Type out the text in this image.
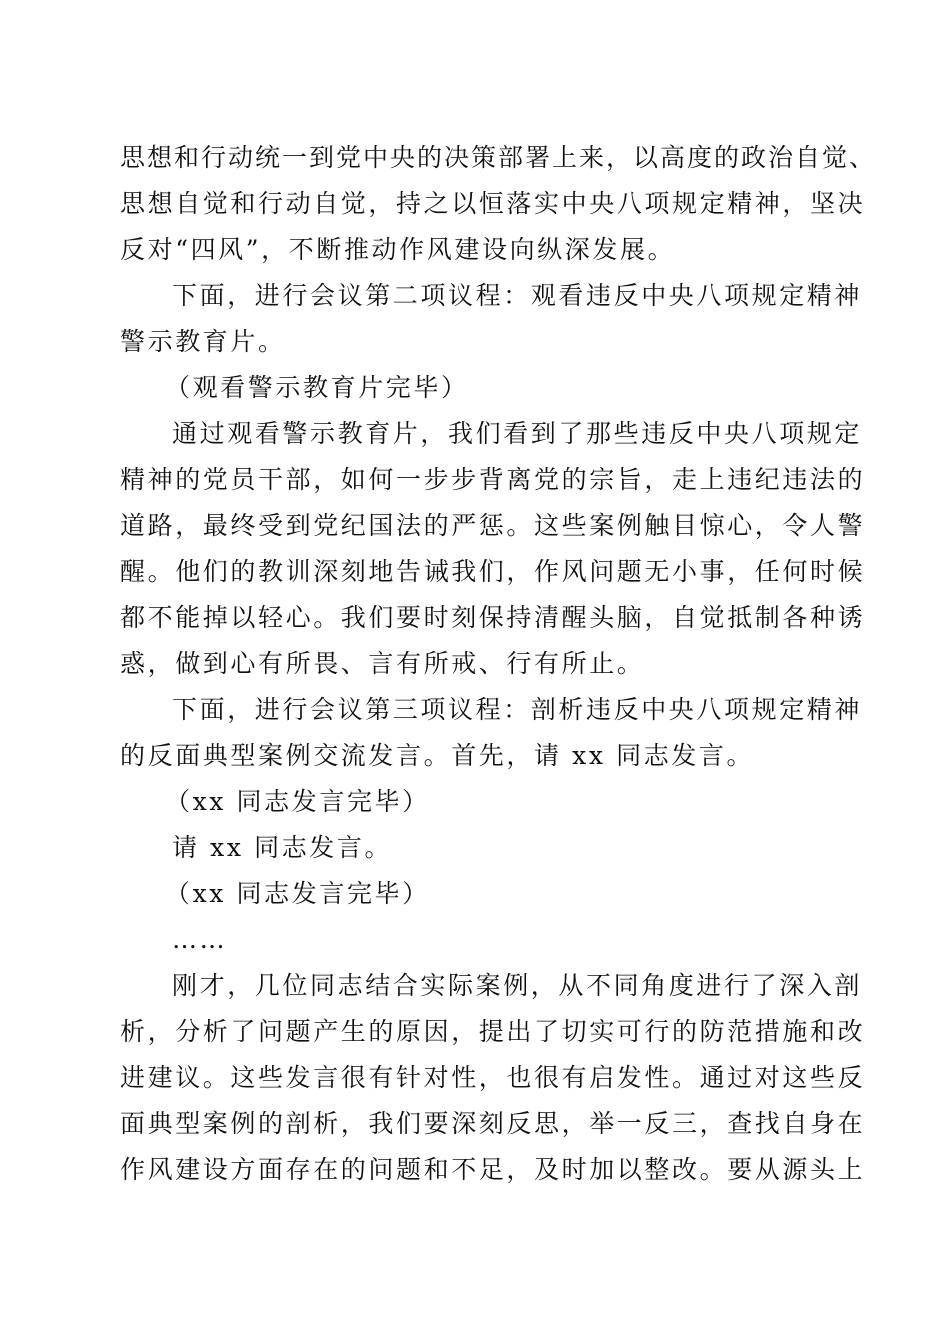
思想和行动统一到党中央的决策部署上来，以高度的政治自觉、
思想自觉和行动自觉，持之以恒落实中央八项规定精神，坚决
反对“四风”，不断推动作风建设向纵深发展。
下面，进行会议第二项议程：观看违反中央八项规定精神
警示教育片。
（观看警示教育片完毕）
通过观看警示教育片，我们看到了那些违反中央八项规定
精神的党员干部，如何一步步背离党的宗旨，走上违纪违法的
道路，最终受到党纪国法的严惩。这些案例触目惊心，令人警
醒。他们的教训深刻地告诫我们，作风问题无小事，任何时候
都不能掉以轻心。我们要时刻保持清醒头脑，自觉抵制各种诱
惑，做到心有所畏、言有所戒、行有所止。
下面，进行会议第三项议程：剖析违反中央八项规定精神
的反面典型案例交流发言。首先，请 xx 同志发言。
（xx 同志发言完毕）
请 xx 同志发言。
（xx 同志发言完毕）
……
刚才，几位同志结合实际案例，从不同角度进行了深入剖
析，分析了问题产生的原因，提出了切实可行的防范措施和改
进建议。这些发言很有针对性，也很有启发性。通过对这些反
面典型案例的剖析，我们要深刻反思，举一反三，查找自身在
作风建设方面存在的问题和不足，及时加以整改。要从源头上
